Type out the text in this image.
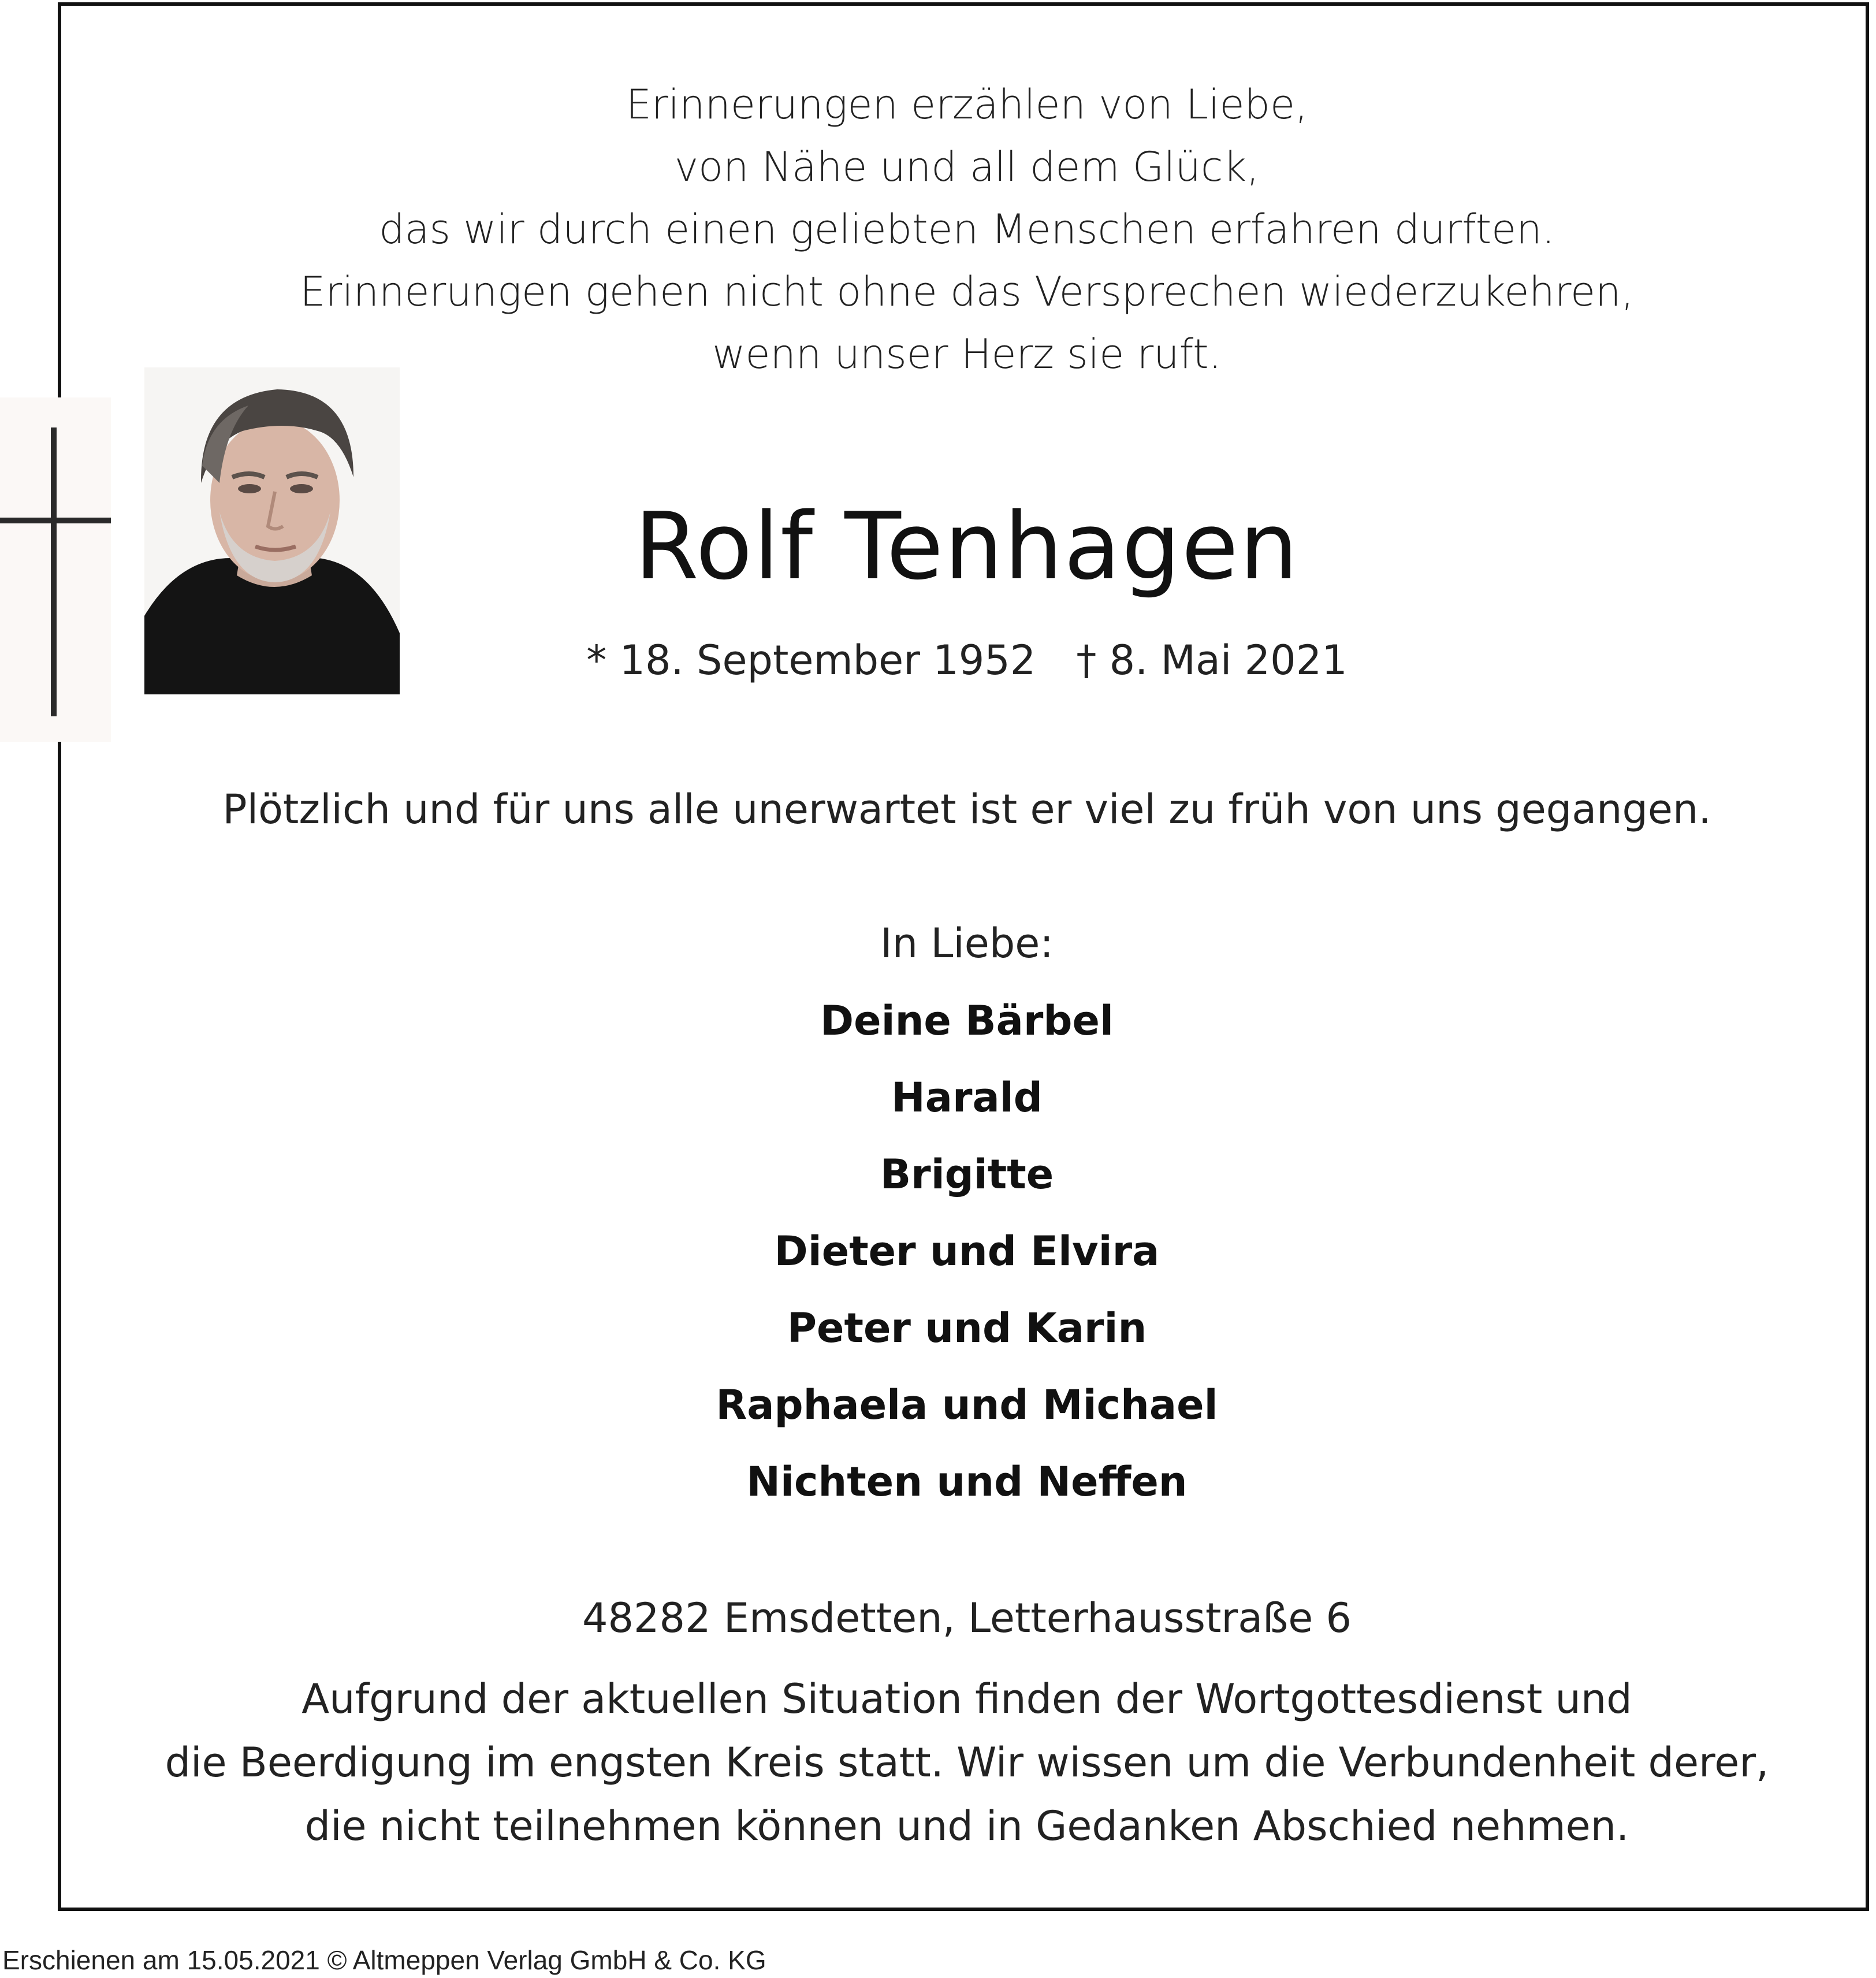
Erinnerungen erzählen von Liebe,
von Nähe und all dem Glück,
das wir durch einen geliebten Menschen erfahren durften.
Erinnerungen gehen nicht ohne das Versprechen wiederzukehren,
wenn unser Herz sie ruft.
Rolf Tenhagen
* 18. September 1952 † 8. Mai 2021
Plötzlich und für uns alle unerwartet ist er viel zu früh von uns gegangen.
In Liebe:
Deine Bärbel
Harald
Brigitte
Dieter und Elvira
Peter und Karin
Raphaela und Michael
Nichten und Neffen
48282 Emsdetten, Letterhausstraße 6
Aufgrund der aktuellen Situation finden der Wortgottesdienst und
die Beerdigung im engsten Kreis statt. Wir wissen um die Verbundenheit derer,
die nicht teilnehmen können und in Gedanken Abschied nehmen.
Erschienen am 15.05.2021 © Altmeppen Verlag GmbH & Co. KG
